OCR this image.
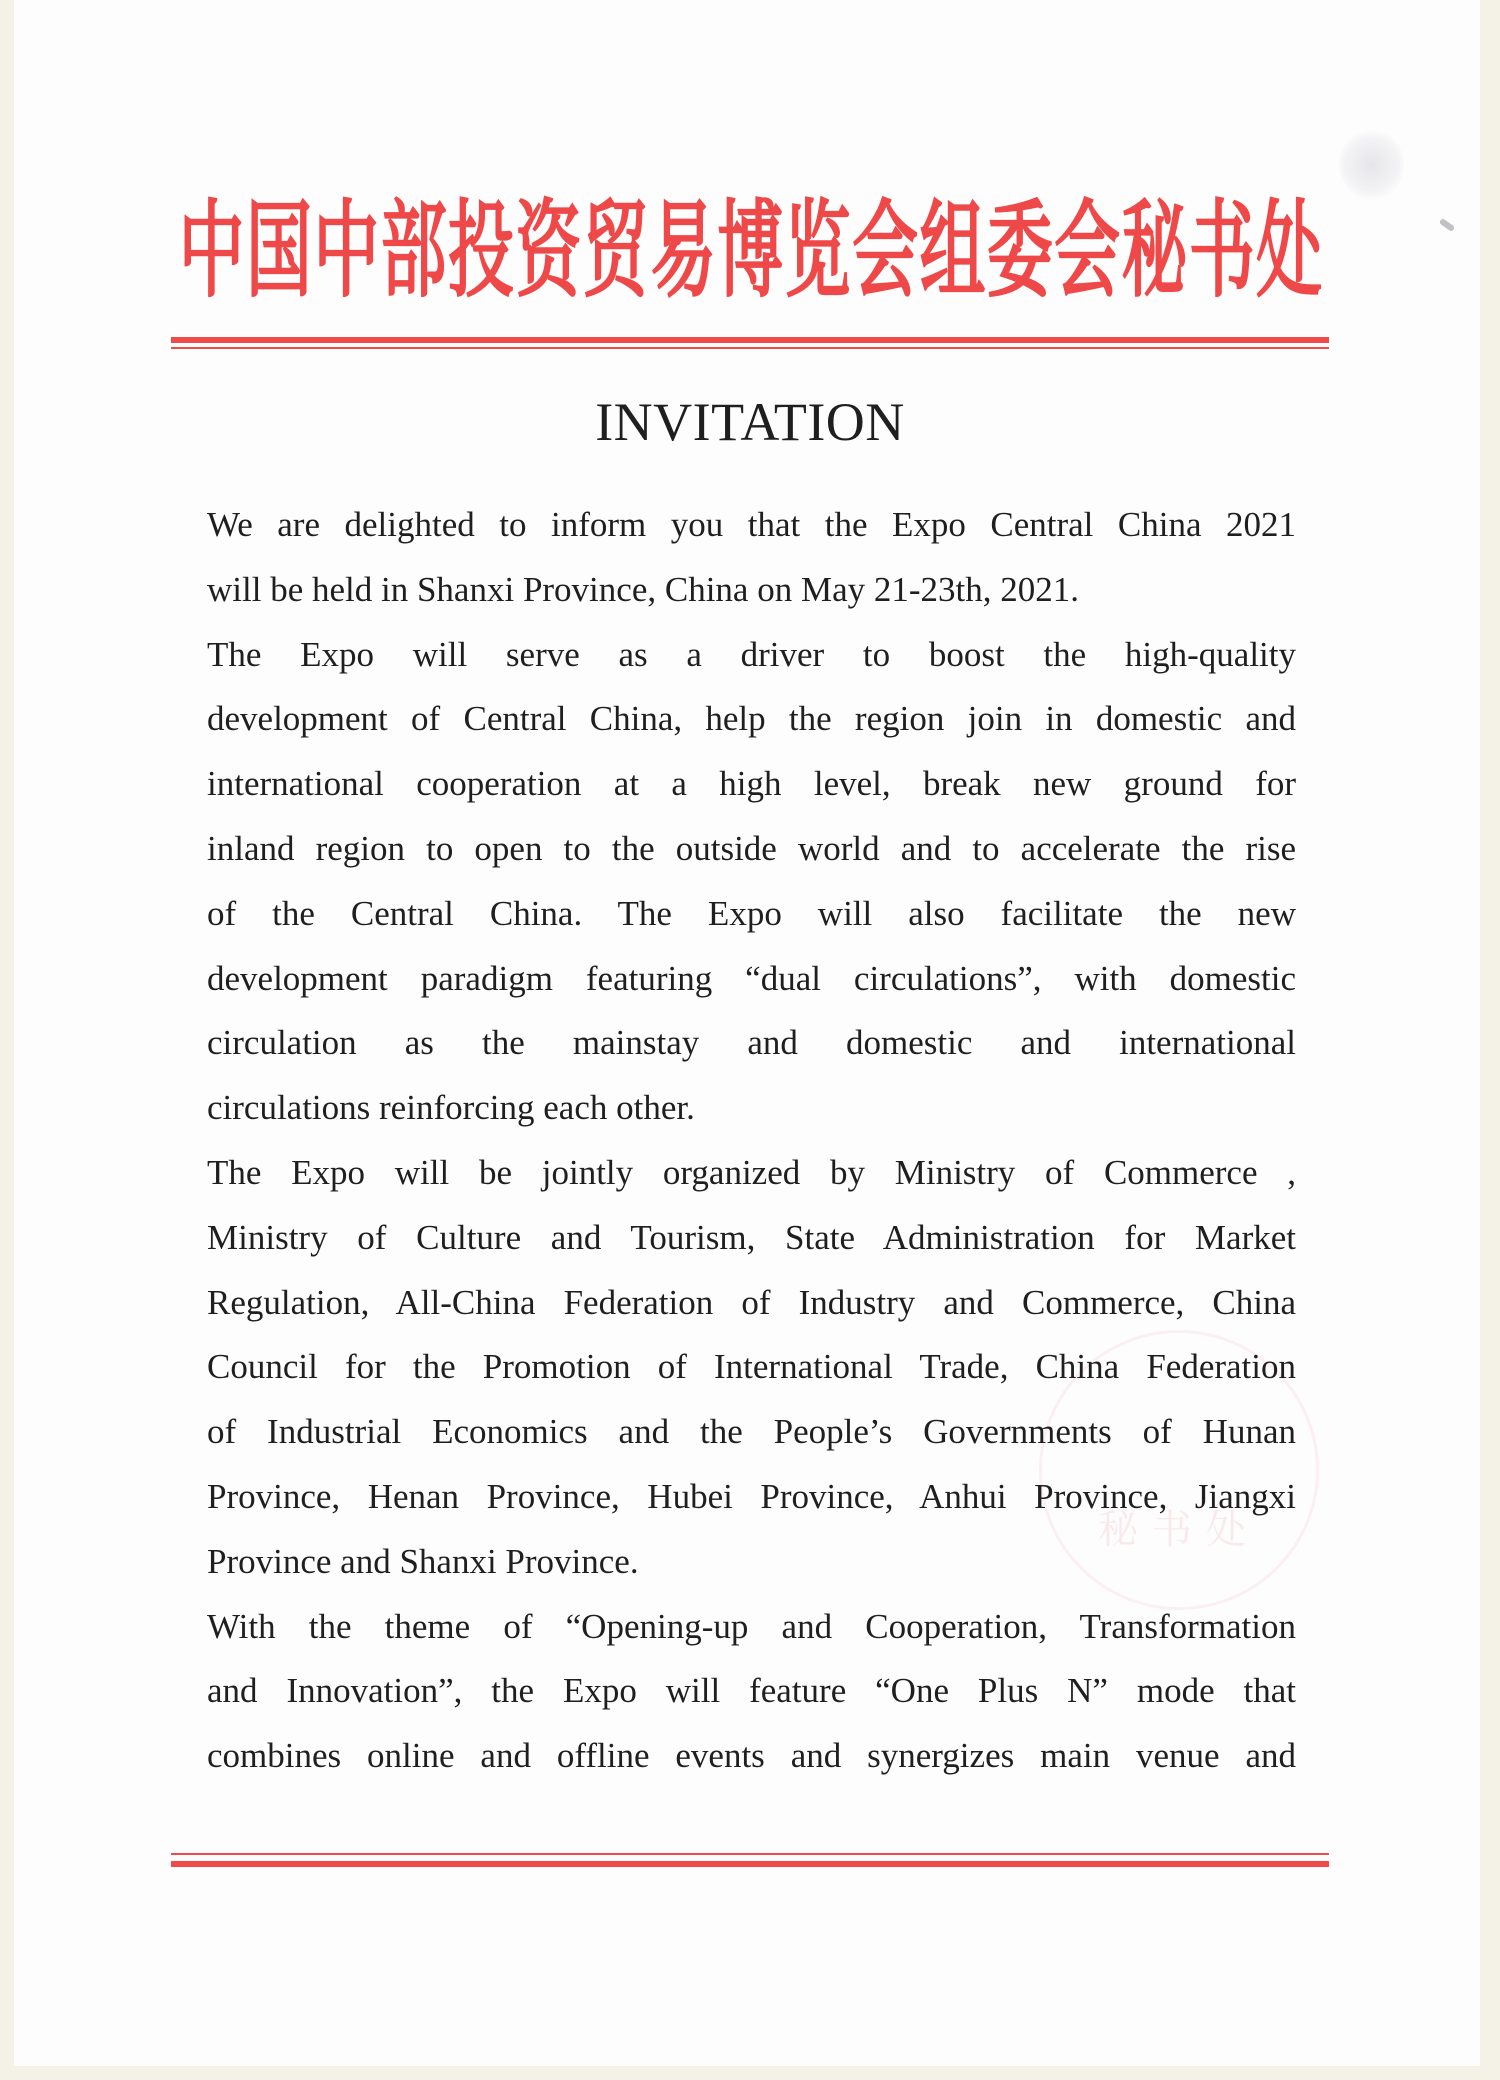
秘书处
中 国 中 部 投 资 贸 易 博 览 会 组 委 会 秘 书 处
INVITATION
We are delighted to inform you that the Expo Central China 2021
will be held in Shanxi Province, China on May 21-23th, 2021.
The Expo will serve as a driver to boost the high-quality
development of Central China, help the region join in domestic and
international cooperation at a high level, break new ground for
inland region to open to the outside world and to accelerate the rise
of the Central China. The Expo will also facilitate the new
development paradigm featuring “dual circulations”, with domestic
circulation as the mainstay and domestic and international
circulations reinforcing each other.
The Expo will be jointly organized by Ministry of Commerce ,
Ministry of Culture and Tourism, State Administration for Market
Regulation, All-China Federation of Industry and Commerce, China
Council for the Promotion of International Trade, China Federation
of Industrial Economics and the People’s Governments of Hunan
Province, Henan Province, Hubei Province, Anhui Province, Jiangxi
Province and Shanxi Province.
With the theme of “Opening-up and Cooperation, Transformation
and Innovation”, the Expo will feature “One Plus N” mode that
combines online and offline events and synergizes main venue and
